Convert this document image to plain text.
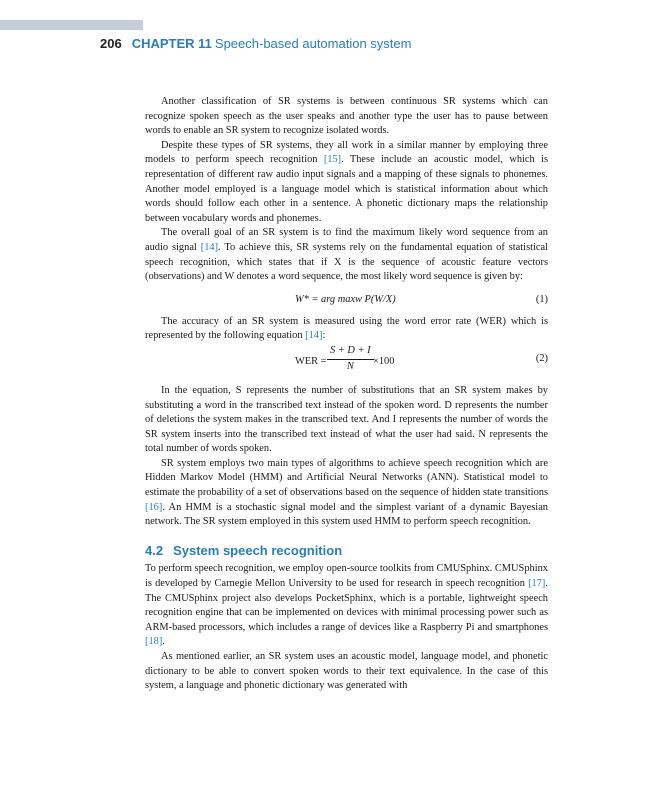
206 CHAPTER 11 Speech-based automation system

Another classification of SR systems is between continuous SR systems which can recognize spoken speech as the user speaks and another type the user has to pause between words to enable an SR system to recognize isolated words.

Despite these types of SR systems, they all work in a similar manner by employing three models to perform speech recognition [15]. These include an acoustic model, which is representation of different raw audio input signals and a mapping of these signals to phonemes. Another model employed is a language model which is statistical information about which words should follow each other in a sentence. A phonetic dictionary maps the relationship between vocabulary words and phonemes.

The overall goal of an SR system is to find the maximum likely word sequence from an audio signal [14]. To achieve this, SR systems rely on the fundamental equation of statistical speech recognition, which states that if X is the sequence of acoustic feature vectors (observations) and W denotes a word sequence, the most likely word sequence is given by:

W* = arg maxw P(W/X)	(1)

The accuracy of an SR system is measured using the word error rate (WER) which is represented by the following equation [14]:

WER = $\frac{S + D + I}{N} \times 100$	(2)

In the equation, S represents the number of substitutions that an SR system makes by substituting a word in the transcribed text instead of the spoken word. D represents the number of deletions the system makes in the transcribed text. And I represents the number of words the SR system inserts into the transcribed text instead of what the user had said. N represents the total number of words spoken.

SR system employs two main types of algorithms to achieve speech recognition which are Hidden Markov Model (HMM) and Artificial Neural Networks (ANN). Statistical model to estimate the probability of a set of observations based on the sequence of hidden state transitions [16]. An HMM is a stochastic signal model and the simplest variant of a dynamic Bayesian network. The SR system employed in this system used HMM to perform speech recognition.

4.2 System speech recognition

To perform speech recognition, we employ open-source toolkits from CMUSphinx. CMUSphinx is developed by Carnegie Mellon University to be used for research in speech recognition [17]. The CMUSphinx project also develops PocketSphinx, which is a portable, lightweight speech recognition engine that can be implemented on devices with minimal processing power such as ARM-based processors, which includes a range of devices like a Raspberry Pi and smartphones [18].

As mentioned earlier, an SR system uses an acoustic model, language model, and phonetic dictionary to be able to convert spoken words to their text equivalence. In the case of this system, a language and phonetic dictionary was generated with
